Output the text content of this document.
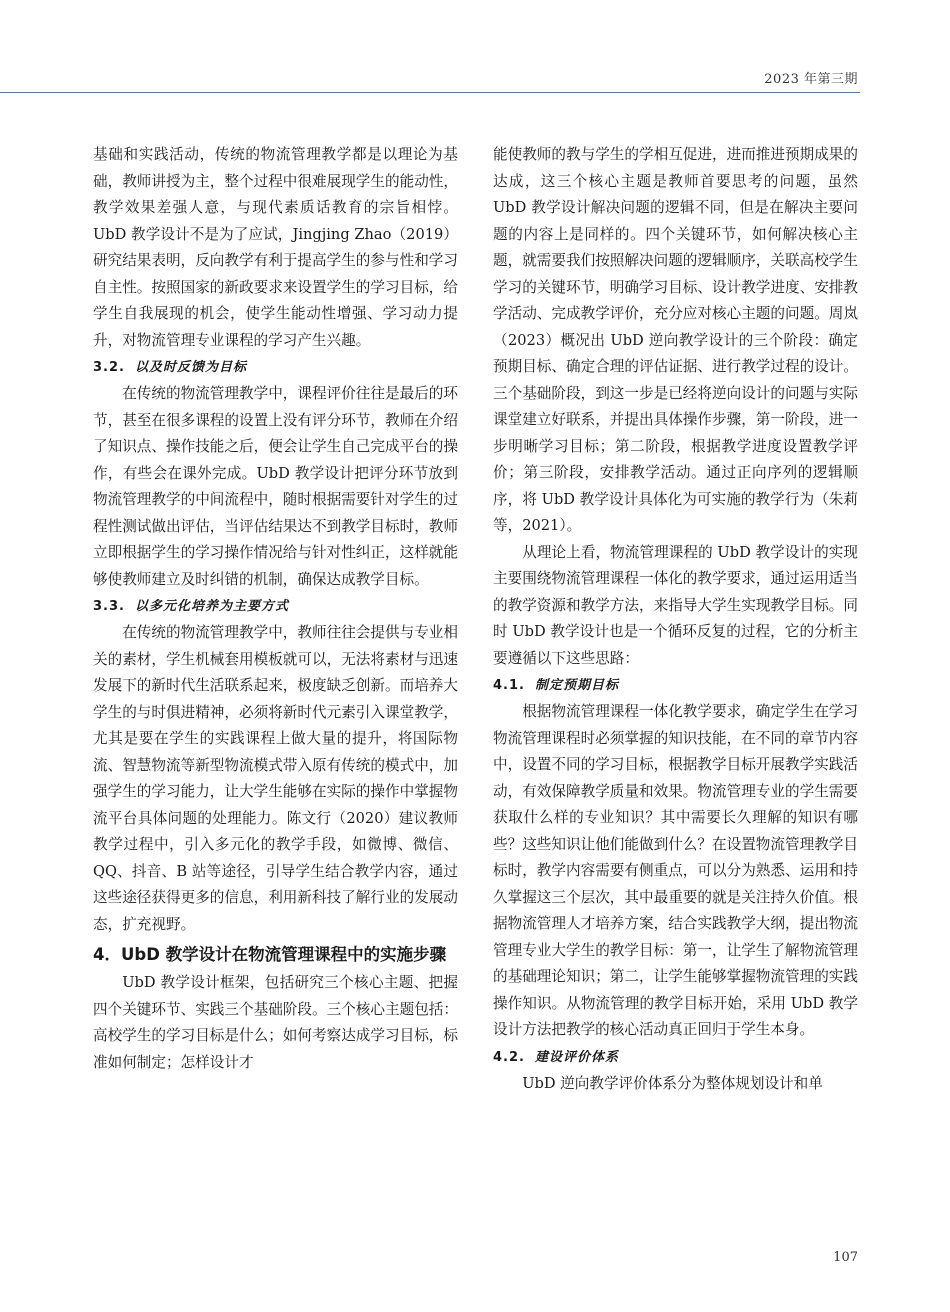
2023 年第三期

基础和实践活动，传统的物流管理教学都是以理论为基础，教师讲授为主，整个过程中很难展现学生的能动性，教学效果差强人意，与现代素质话教育的宗旨相悖。UbD 教学设计不是为了应试，Jingjing Zhao（2019）研究结果表明，反向教学有利于提高学生的参与性和学习自主性。按照国家的新政要求来设置学生的学习目标，给学生自我展现的机会，使学生能动性增强、学习动力提升，对物流管理专业课程的学习产生兴趣。

3.2. 以及时反馈为目标

在传统的物流管理教学中，课程评价往往是最后的环节，甚至在很多课程的设置上没有评分环节，教师在介绍了知识点、操作技能之后，便会让学生自己完成平台的操作，有些会在课外完成。UbD 教学设计把评分环节放到物流管理教学的中间流程中，随时根据需要针对学生的过程性测试做出评估，当评估结果达不到教学目标时，教师立即根据学生的学习操作情况给与针对性纠正，这样就能够使教师建立及时纠错的机制，确保达成教学目标。

3.3. 以多元化培养为主要方式

在传统的物流管理教学中，教师往往会提供与专业相关的素材，学生机械套用模板就可以，无法将素材与迅速发展下的新时代生活联系起来，极度缺乏创新。而培养大学生的与时俱进精神，必须将新时代元素引入课堂教学，尤其是要在学生的实践课程上做大量的提升，将国际物流、智慧物流等新型物流模式带入原有传统的模式中，加强学生的学习能力，让大学生能够在实际的操作中掌握物流平台具体问题的处理能力。陈文行（2020）建议教师教学过程中，引入多元化的教学手段，如微博、微信、QQ、抖音、B 站等途径，引导学生结合教学内容，通过这些途径获得更多的信息，利用新科技了解行业的发展动态，扩充视野。

4．UbD 教学设计在物流管理课程中的实施步骤

UbD 教学设计框架，包括研究三个核心主题、把握四个关键环节、实践三个基础阶段。三个核心主题包括：高校学生的学习目标是什么；如何考察达成学习目标，标准如何制定；怎样设计才

能使教师的教与学生的学相互促进，进而推进预期成果的达成，这三个核心主题是教师首要思考的问题，虽然 UbD 教学设计解决问题的逻辑不同，但是在解决主要问题的内容上是同样的。四个关键环节，如何解决核心主题，就需要我们按照解决问题的逻辑顺序，关联高校学生学习的关键环节，明确学习目标、设计教学进度、安排教学活动、完成教学评价，充分应对核心主题的问题。周岚（2023）概况出 UbD 逆向教学设计的三个阶段：确定预期目标、确定合理的评估证据、进行教学过程的设计。三个基础阶段，到这一步是已经将逆向设计的问题与实际课堂建立好联系，并提出具体操作步骤，第一阶段，进一步明晰学习目标；第二阶段，根据教学进度设置教学评价；第三阶段，安排教学活动。通过正向序列的逻辑顺序，将 UbD 教学设计具体化为可实施的教学行为（朱莉等，2021）。

从理论上看，物流管理课程的 UbD 教学设计的实现主要围绕物流管理课程一体化的教学要求，通过运用适当的教学资源和教学方法，来指导大学生实现教学目标。同时 UbD 教学设计也是一个循环反复的过程，它的分析主要遵循以下这些思路：

4.1. 制定预期目标

根据物流管理课程一体化教学要求，确定学生在学习物流管理课程时必须掌握的知识技能，在不同的章节内容中，设置不同的学习目标，根据教学目标开展教学实践活动，有效保障教学质量和效果。物流管理专业的学生需要获取什么样的专业知识？其中需要长久理解的知识有哪些？这些知识让他们能做到什么？在设置物流管理教学目标时，教学内容需要有侧重点，可以分为熟悉、运用和持久掌握这三个层次，其中最重要的就是关注持久价值。根据物流管理人才培养方案，结合实践教学大纲，提出物流管理专业大学生的教学目标：第一，让学生了解物流管理的基础理论知识；第二，让学生能够掌握物流管理的实践操作知识。从物流管理的教学目标开始，采用 UbD 教学设计方法把教学的核心活动真正回归于学生本身。

4.2. 建设评价体系

UbD 逆向教学评价体系分为整体规划设计和单

107
